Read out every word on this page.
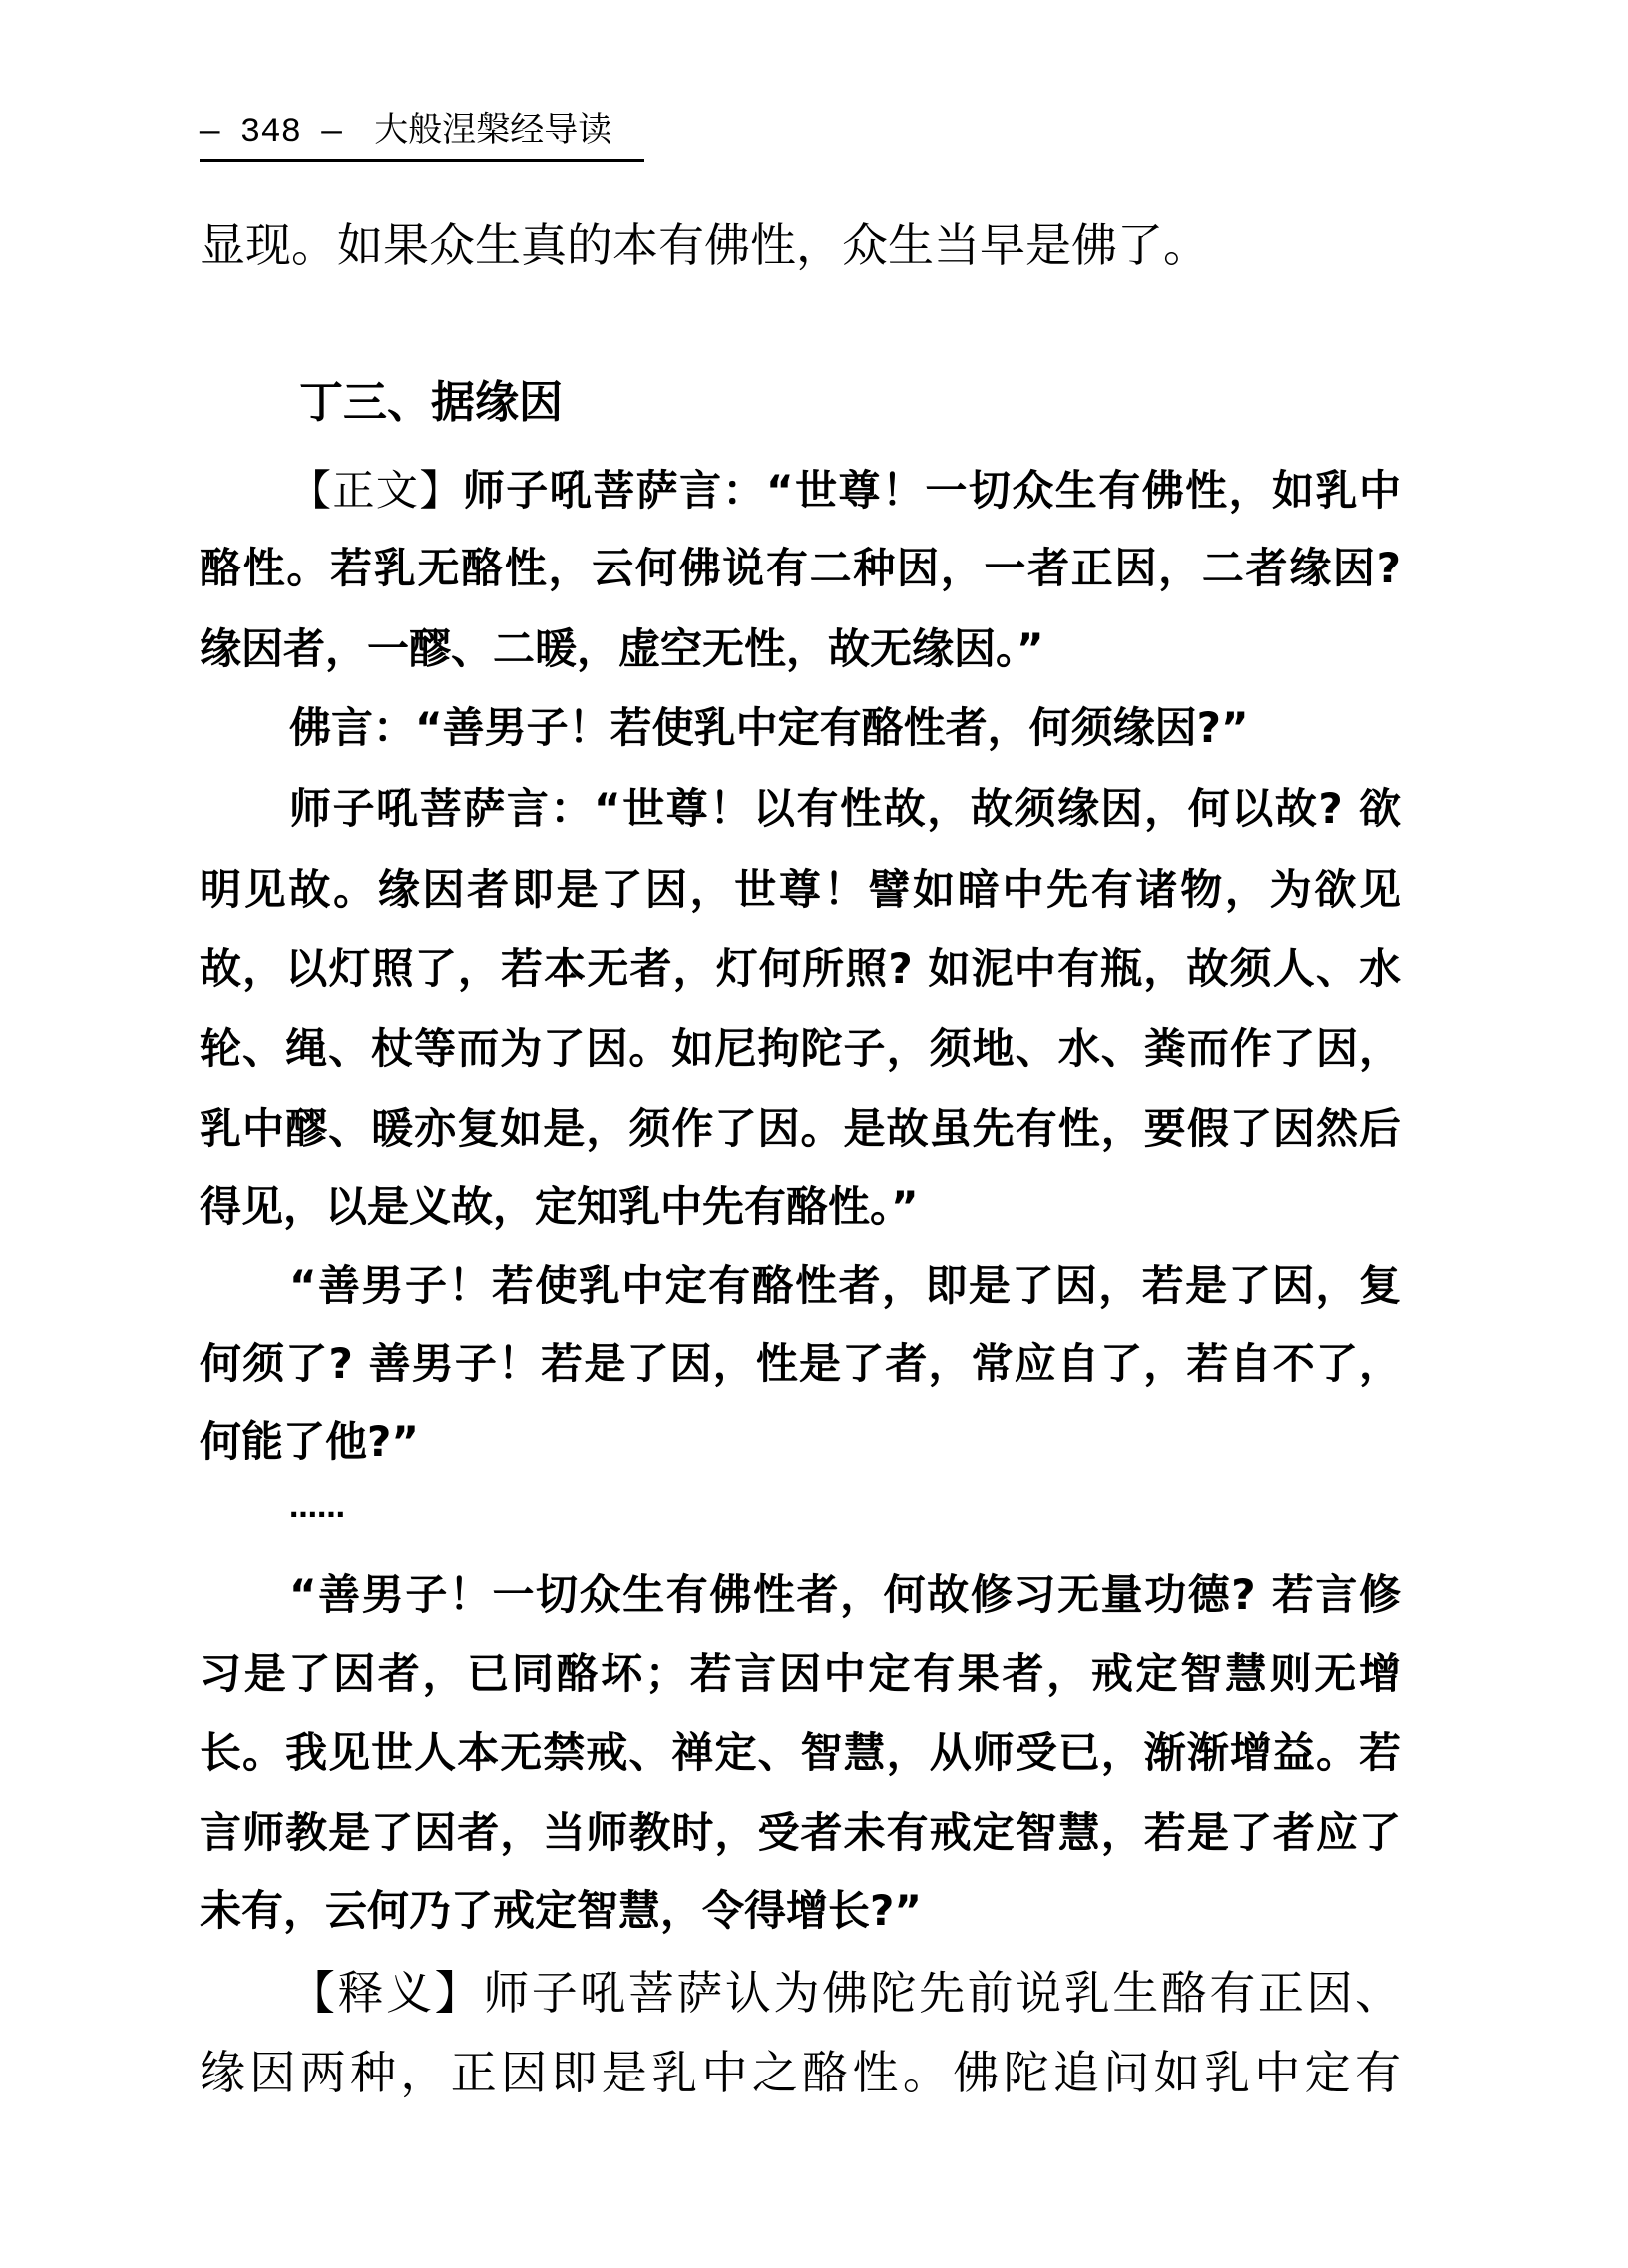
— 348 — 大般涅槃经导读
显现。如果众生真的本有佛性，众生当早是佛了。
丁三、据缘因
【正文】师子吼菩萨言：“世尊！一切众生有佛性，如乳中
酪性。若乳无酪性，云何佛说有二种因，一者正因，二者缘因?
缘因者，一醪、二暖，虚空无性，故无缘因。”
佛言：“善男子！若使乳中定有酪性者，何须缘因?”
师子吼菩萨言：“世尊！以有性故，故须缘因，何以故? 欲
明见故。缘因者即是了因，世尊！譬如暗中先有诸物，为欲见
故，以灯照了，若本无者，灯何所照? 如泥中有瓶，故须人、水
轮、绳、杖等而为了因。如尼拘陀子，须地、水、粪而作了因，
乳中醪、暖亦复如是，须作了因。是故虽先有性，要假了因然后
得见，以是义故，定知乳中先有酪性。”
“善男子！若使乳中定有酪性者，即是了因，若是了因，复
何须了? 善男子！若是了因，性是了者，常应自了，若自不了，
何能了他?”
……
“善男子！一切众生有佛性者，何故修习无量功德? 若言修
习是了因者，已同酪坏；若言因中定有果者，戒定智慧则无增
长。我见世人本无禁戒、禅定、智慧，从师受已，渐渐增益。若
言师教是了因者，当师教时，受者未有戒定智慧，若是了者应了
未有，云何乃了戒定智慧，令得增长?”
【释义】师子吼菩萨认为佛陀先前说乳生酪有正因、
缘因两种，正因即是乳中之酪性。佛陀追问如乳中定有
